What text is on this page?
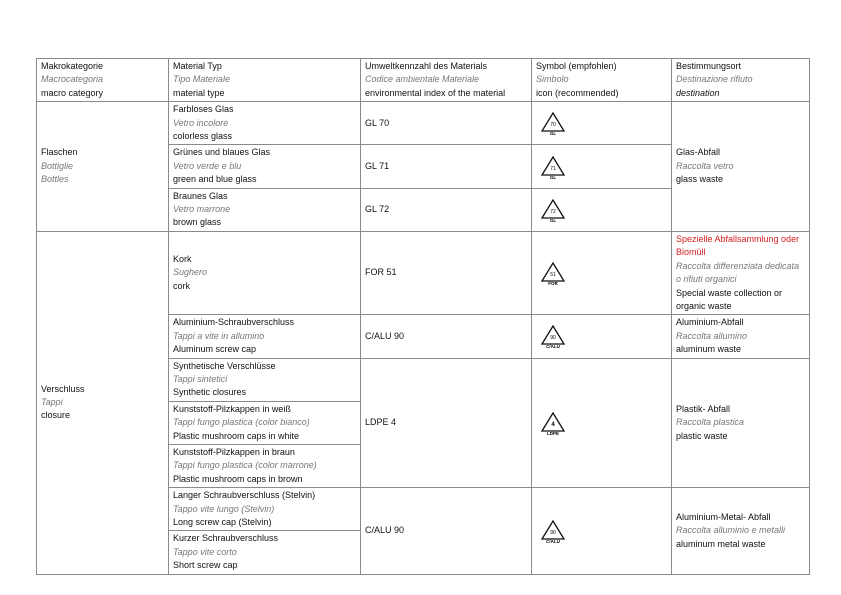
Makrokategorie
Macrocategoria
macro category	Material Typ
Tipo Materiale
material type	Umweltkennzahl des Materials
Codice ambientale Materiale
environmental index of the material	Symbol (empfohlen)
Simbolo
icon (recommended)	Bestimmungsort
Destinazione rifiuto
destination

Flaschen
Bottiglie
Bottles	Farbloses Glas
Vetro incolore
colorless glass	GL 70	70
GL	Glas-Abfall
Raccolta vetro
glass waste

	Grünes und blaues Glas
Vetro verde e blu
green and blue glass	GL 71	71
GL	

	Braunes Glas
Vetro marrone
brown glass	GL 72	72
GL	

Verschluss
Tappi
closure	Kork
Sughero
cork	FOR 51	51
FOR	Spezielle Abfallsammlung oder Biomüll
Raccolta differenziata dedicata o rifiuti organici
Special waste collection or organic waste

	Aluminium-Schraubverschluss
Tappi a vite in allumino
Aluminum screw cap	C/ALU 90	90
C/ALU	Aluminium-Abfall
Raccolta allumino
aluminum waste

	Synthetische Verschlüsse
Tappi sintetici
Synthetic closures	LDPE 4	4
LDPE	Plastik- Abfall
Raccolta plastica
plastic waste

	Kunststoff-Pilzkappen in weiß
Tappi fungo plastica (color bianco)
Plastic mushroom caps in white			

	Kunststoff-Pilzkappen in braun
Tappi fungo plastica (color marrone)
Plastic mushroom caps in brown			

	Langer Schraubverschluss (Stelvin)
Tappo vite lungo (Stelvin)
Long screw cap (Stelvin)	C/ALU 90	90
C/ALU	Aluminium-Metal- Abfall
Raccolta alluminio e metalli
aluminum metal waste

	Kurzer Schraubverschluss
Tappo vite corto
Short screw cap			
